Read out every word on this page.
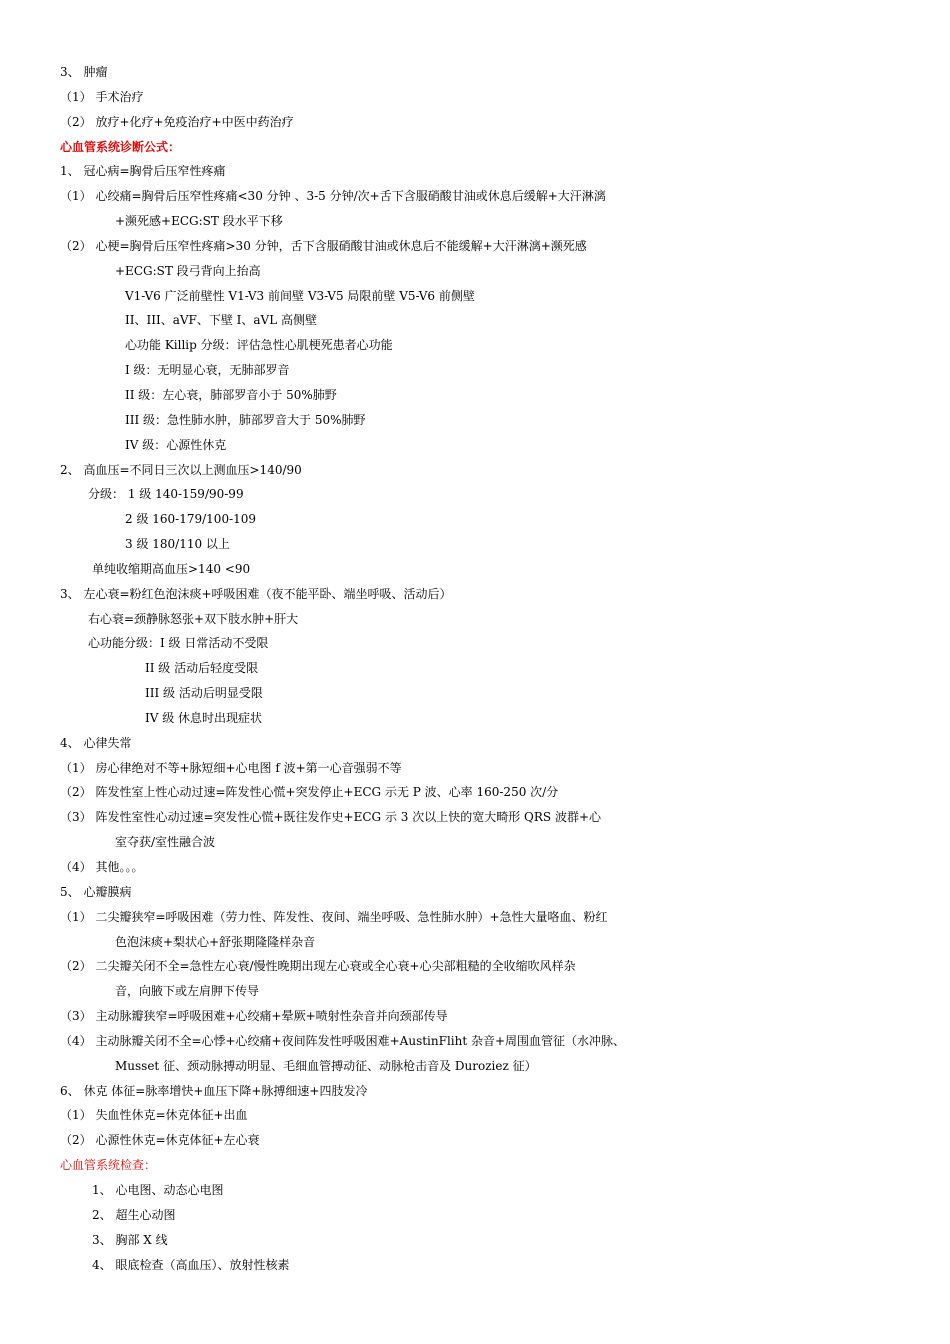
3、 肿瘤
（1） 手术治疗
（2） 放疗+化疗+免疫治疗+中医中药治疗
心血管系统诊断公式：
1、 冠心病=胸骨后压窄性疼痛
（1） 心绞痛=胸骨后压窄性疼痛<30 分钟 、3-5 分钟/次+舌下含服硝酸甘油或休息后缓解+大汗淋漓
+濒死感+ECG:ST 段水平下移
（2） 心梗=胸骨后压窄性疼痛>30 分钟，舌下含服硝酸甘油或休息后不能缓解+大汗淋漓+濒死感
+ECG:ST 段弓背向上抬高
V1-V6 广泛前壁性 V1-V3 前间壁 V3-V5 局限前壁 V5-V6 前侧壁
II、III、aVF、下壁 I、aVL 高侧壁
心功能 Killip 分级：评估急性心肌梗死患者心功能
I 级：无明显心衰，无肺部罗音
II 级：左心衰，肺部罗音小于 50%肺野
III 级：急性肺水肿，肺部罗音大于 50%肺野
IV 级：心源性休克
2、 高血压=不同日三次以上测血压>140/90
分级： 1 级 140-159/90-99
2 级 160-179/100-109
3 级 180/110 以上
单纯收缩期高血压>140 <90
3、 左心衰=粉红色泡沫痰+呼吸困难（夜不能平卧、端坐呼吸、活动后）
右心衰=颈静脉怒张+双下肢水肿+肝大
心功能分级：I 级 日常活动不受限
II 级 活动后轻度受限
III 级 活动后明显受限
IV 级 休息时出现症状
4、 心律失常
（1） 房心律绝对不等+脉短细+心电图 f 波+第一心音强弱不等
（2） 阵发性室上性心动过速=阵发性心慌+突发停止+ECG 示无 P 波、心率 160-250 次/分
（3） 阵发性室性心动过速=突发性心慌+既往发作史+ECG 示 3 次以上快的宽大畸形 QRS 波群+心
室夺获/室性融合波
（4） 其他。。。
5、 心瓣膜病
（1） 二尖瓣狭窄=呼吸困难（劳力性、阵发性、夜间、端坐呼吸、急性肺水肿）+急性大量咯血、粉红
色泡沫痰+梨状心+舒张期隆隆样杂音
（2） 二尖瓣关闭不全=急性左心衰/慢性晚期出现左心衰或全心衰+心尖部粗糙的全收缩吹风样杂
音，向腋下或左肩胛下传导
（3） 主动脉瓣狭窄=呼吸困难+心绞痛+晕厥+喷射性杂音并向颈部传导
（4） 主动脉瓣关闭不全=心悸+心绞痛+夜间阵发性呼吸困难+AustinFliht 杂音+周围血管征（水冲脉、
Musset 征、颈动脉搏动明显、毛细血管搏动征、动脉枪击音及 Duroziez 征）
6、 休克 体征=脉率增快+血压下降+脉搏细速+四肢发冷
（1） 失血性休克=休克体征+出血
（2） 心源性休克=休克体征+左心衰
心血管系统检查：
1、 心电图、动态心电图
2、 超生心动图
3、 胸部 X 线
4、 眼底检查（高血压）、放射性核素
